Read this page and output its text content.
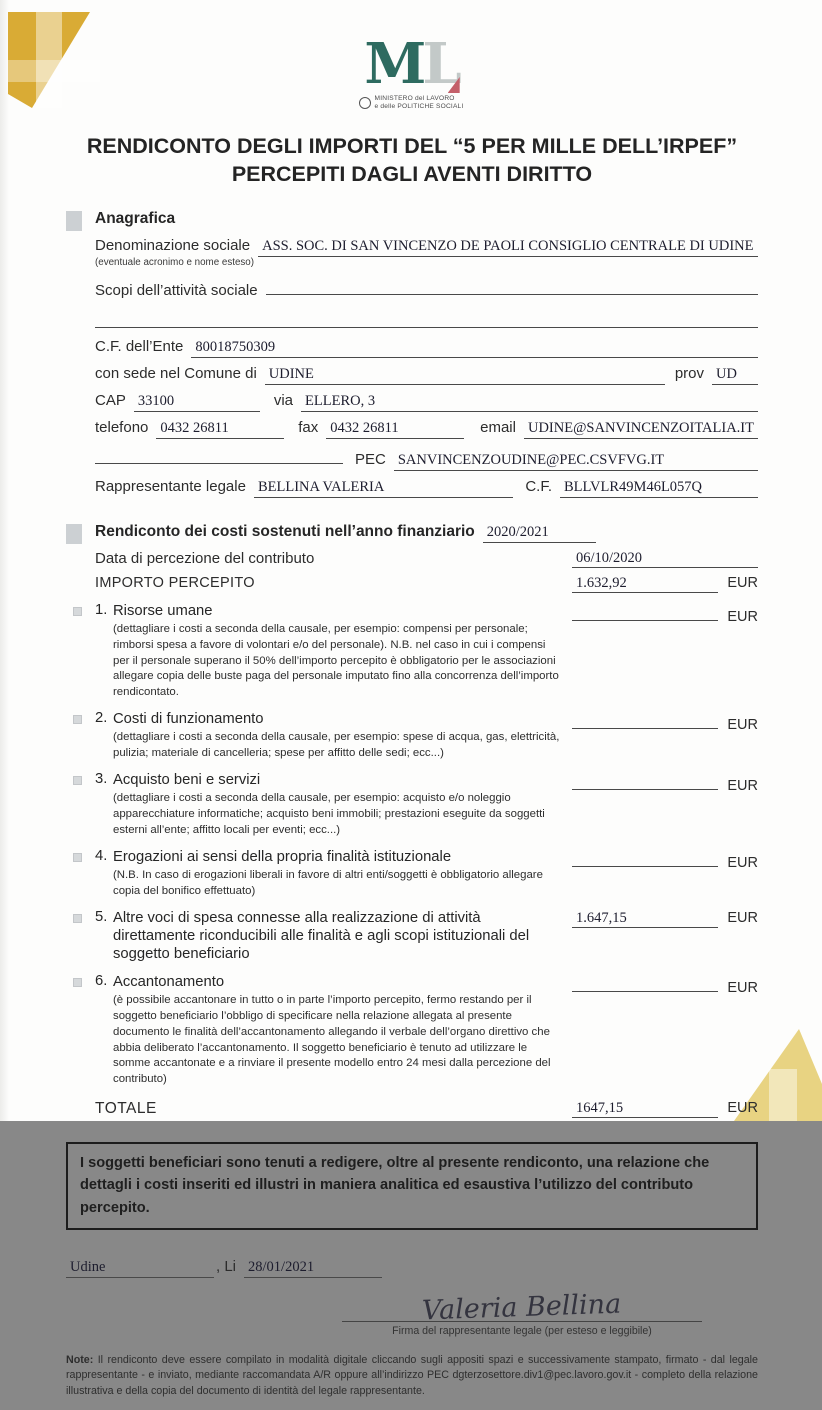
ML
MINISTERO del LAVORO
e delle POLITICHE SOCIALI
RENDICONTO DEGLI IMPORTI DEL “5 PER MILLE DELL’IRPEF”
PERCEPITI DAGLI AVENTI DIRITTO
Anagrafica
Denominazione sociale ASS. SOC. DI SAN VINCENZO DE PAOLI CONSIGLIO CENTRALE DI UDINE
(eventuale acronimo e nome esteso)
Scopi dell’attività sociale
C.F. dell’Ente 80018750309
con sede nel Comune di UDINE	prov UD
CAP 33100	via ELLERO, 3
telefono 0432 26811	fax 0432 26811	email UDINE@SANVINCENZOITALIA.IT
PEC SANVINCENZOUDINE@PEC.CSVFVG.IT
Rappresentante legale BELLINA VALERIA	C.F. BLLVLR49M46L057Q
Rendiconto dei costi sostenuti nell’anno finanziario 2020/2021
Data di percezione del contributo	06/10/2020
IMPORTO PERCEPITO	1.632,92	EUR
1. Risorse umane
(dettagliare i costi a seconda della causale, per esempio: compensi per personale; rimborsi spesa a favore di volontari e/o del personale). N.B. nel caso in cui i compensi per il personale superano il 50% dell’importo percepito è obbligatorio per le associazioni allegare copia delle buste paga del personale imputato fino alla concorrenza dell’importo rendicontato.
EUR
2. Costi di funzionamento
(dettagliare i costi a seconda della causale, per esempio: spese di acqua, gas, elettricità, pulizia; materiale di cancelleria; spese per affitto delle sedi; ecc...)
EUR
3. Acquisto beni e servizi
(dettagliare i costi a seconda della causale, per esempio: acquisto e/o noleggio apparecchiature informatiche; acquisto beni immobili; prestazioni eseguite da soggetti esterni all’ente; affitto locali per eventi; ecc...)
EUR
4. Erogazioni ai sensi della propria finalità istituzionale
(N.B. In caso di erogazioni liberali in favore di altri enti/soggetti è obbligatorio allegare copia del bonifico effettuato)
EUR
5. Altre voci di spesa connesse alla realizzazione di attività direttamente riconducibili alle finalità e agli scopi istituzionali del soggetto beneficiario
1.647,15	EUR
6. Accantonamento
(è possibile accantonare in tutto o in parte l’importo percepito, fermo restando per il soggetto beneficiario l’obbligo di specificare nella relazione allegata al presente documento le finalità dell’accantonamento allegando il verbale dell’organo direttivo che abbia deliberato l’accantonamento. Il soggetto beneficiario è tenuto ad utilizzare le somme accantonate e a rinviare il presente modello entro 24 mesi dalla percezione del contributo)
EUR
TOTALE	1647,15	EUR
I soggetti beneficiari sono tenuti a redigere, oltre al presente rendiconto, una relazione che dettagli i costi inseriti ed illustri in maniera analitica ed esaustiva l’utilizzo del contributo percepito.
Udine	, Li 28/01/2021
Valeria Bellina
Firma del rappresentante legale (per esteso e leggibile)

Note: Il rendiconto deve essere compilato in modalità digitale cliccando sugli appositi spazi e successivamente stampato, firmato - dal legale rappresentante - e inviato, mediante raccomandata A/R oppure all’indirizzo PEC dgterzosettore.div1@pec.lavoro.gov.it - completo della relazione illustrativa e della copia del documento di identità del legale rappresentante.
